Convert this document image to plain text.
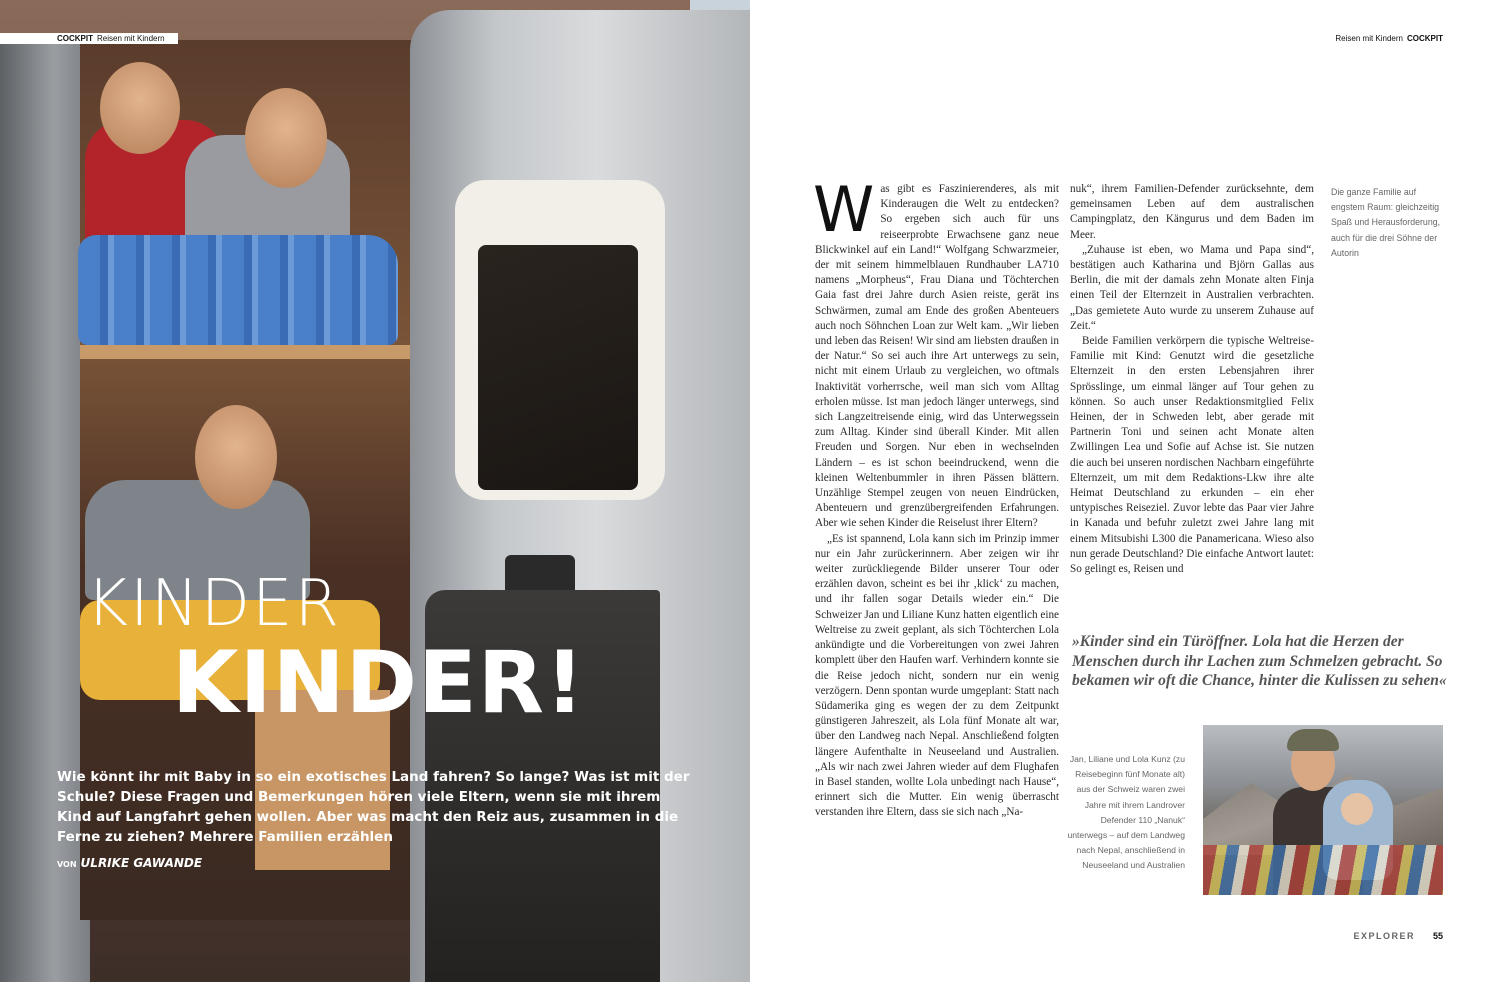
COCKPIT Reisen mit Kindern
KINDER
KINDER!
Wie könnt ihr mit Baby in so ein exotisches Land fahren? So lange? Was ist mit der Schule? Diese Fragen und Bemerkungen hören viele Eltern, wenn sie mit ihrem Kind auf Langfahrt gehen wollen. Aber was macht den Reiz aus, zusammen in die Ferne zu ziehen? Mehrere Familien erzählen
VON ULRIKE GAWANDE
Reisen mit Kindern COCKPIT

Was gibt es Faszinierenderes, als mit Kinderaugen die Welt zu entdecken? So ergeben sich auch für uns reiseerprobte Erwachsene ganz neue Blickwinkel auf ein Land!“ Wolfgang Schwarzmeier, der mit seinem himmelblauen Rundhauber LA710 namens „Morpheus“, Frau Diana und Töchterchen Gaia fast drei Jahre durch Asien reiste, gerät ins Schwärmen, zumal am Ende des großen Abenteuers auch noch Söhnchen Loan zur Welt kam. „Wir lieben und leben das Reisen! Wir sind am liebsten draußen in der Natur.“ So sei auch ihre Art unterwegs zu sein, nicht mit einem Urlaub zu vergleichen, wo oftmals Inaktivität vorherrsche, weil man sich vom Alltag erholen müsse. Ist man jedoch länger unterwegs, sind sich Langzeitreisende einig, wird das Unterwegssein zum Alltag. Kinder sind überall Kinder. Mit allen Freuden und Sorgen. Nur eben in wechselnden Ländern – es ist schon beeindruckend, wenn die kleinen Weltenbummler in ihren Pässen blättern. Unzählige Stempel zeugen von neuen Eindrücken, Abenteuern und grenzübergreifenden Erfahrungen. Aber wie sehen Kinder die Reiselust ihrer Eltern?

„Es ist spannend, Lola kann sich im Prinzip immer nur ein Jahr zurückerinnern. Aber zeigen wir ihr weiter zurückliegende Bilder unserer Tour oder erzählen davon, scheint es bei ihr ‚klick‘ zu machen, und ihr fallen sogar Details wieder ein.“ Die Schweizer Jan und Liliane Kunz hatten eigentlich eine Weltreise zu zweit geplant, als sich Töchterchen Lola ankündigte und die Vorbereitungen von zwei Jahren komplett über den Haufen warf. Verhindern konnte sie die Reise jedoch nicht, sondern nur ein wenig verzögern. Denn spontan wurde umgeplant: Statt nach Südamerika ging es wegen der zu dem Zeitpunkt günstigeren Jahreszeit, als Lola fünf Monate alt war, über den Landweg nach Nepal. Anschließend folgten längere Aufenthalte in Neuseeland und Australien. „Als wir nach zwei Jahren wieder auf dem Flughafen in Basel standen, wollte Lola unbedingt nach Hause“, erinnert sich die Mutter. Ein wenig überrascht verstanden ihre Eltern, dass sie sich nach „Na-

nuk“, ihrem Familien-Defender zurücksehnte, dem gemeinsamen Leben auf dem australischen Campingplatz, den Kängurus und dem Baden im Meer.

„Zuhause ist eben, wo Mama und Papa sind“, bestätigen auch Katharina und Björn Gallas aus Berlin, die mit der damals zehn Monate alten Finja einen Teil der Elternzeit in Australien verbrachten. „Das gemietete Auto wurde zu unserem Zuhause auf Zeit.“

Beide Familien verkörpern die typische Weltreise-Familie mit Kind: Genutzt wird die gesetzliche Elternzeit in den ersten Lebensjahren ihrer Sprösslinge, um einmal länger auf Tour gehen zu können. So auch unser Redaktionsmitglied Felix Heinen, der in Schweden lebt, aber gerade mit Partnerin Toni und seinen acht Monate alten Zwillingen Lea und Sofie auf Achse ist. Sie nutzen die auch bei unseren nordischen Nachbarn eingeführte Elternzeit, um mit dem Redaktions-Lkw ihre alte Heimat Deutschland zu erkunden – ein eher untypisches Reiseziel. Zuvor lebte das Paar vier Jahre in Kanada und befuhr zuletzt zwei Jahre lang mit einem Mitsubishi L300 die Panamericana. Wieso also nun gerade Deutschland? Die einfache Antwort lautet: So gelingt es, Reisen und

Die ganze Familie auf engstem Raum: gleichzeitig Spaß und Herausforderung, auch für die drei Söhne der Autorin
»Kinder sind ein Türöffner. Lola hat die Herzen der Menschen durch ihr Lachen zum Schmelzen gebracht. So bekamen wir oft die Chance, hinter die Kulissen zu sehen«
Jan, Liliane und Lola Kunz (zu Reisebeginn fünf Monate alt) aus der Schweiz waren zwei Jahre mit ihrem Landrover Defender 110 „Nanuk“ unterwegs – auf dem Landweg nach Nepal, anschließend in Neuseeland und Australien
EXPLORER 55
